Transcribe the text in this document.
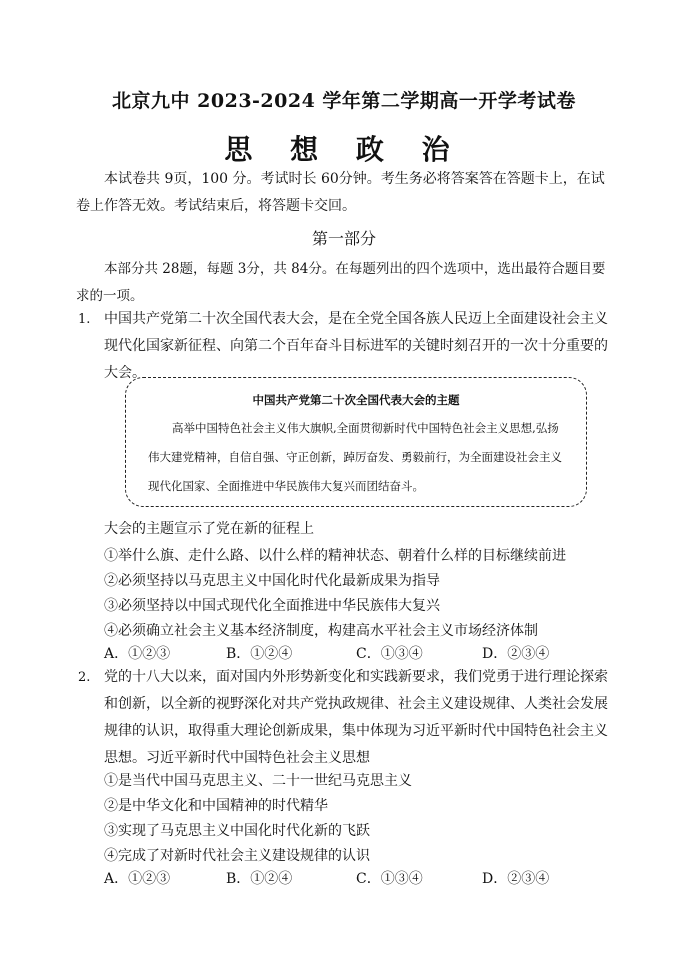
北京九中 2023-2024 学年第二学期高一开学考试卷
思 想 政 治
本试卷共 9页，100 分。考试时长 60分钟。考生务必将答案答在答题卡上，在试卷上作答无效。考试结束后，将答题卡交回。
第一部分
本部分共 28题，每题 3分，共 84分。在每题列出的四个选项中，选出最符合题目要求的一项。
1. 中国共产党第二十次全国代表大会，是在全党全国各族人民迈上全面建设社会主义现代化国家新征程、向第二个百年奋斗目标进军的关键时刻召开的一次十分重要的大会。
中国共产党第二十次全国代表大会的主题
高举中国特色社会主义伟大旗帜,全面贯彻新时代中国特色社会主义思想,弘扬伟大建党精神，自信自强、守正创新，踔厉奋发、勇毅前行，为全面建设社会主义现代化国家、全面推进中华民族伟大复兴而团结奋斗。
大会的主题宣示了党在新的征程上
①举什么旗、走什么路、以什么样的精神状态、朝着什么样的目标继续前进
②必须坚持以马克思主义中国化时代化最新成果为指导
③必须坚持以中国式现代化全面推进中华民族伟大复兴
④必须确立社会主义基本经济制度，构建高水平社会主义市场经济体制
A．①②③	B．①②④	C．①③④	D．②③④
2. 党的十八大以来，面对国内外形势新变化和实践新要求，我们党勇于进行理论探索和创新，以全新的视野深化对共产党执政规律、社会主义建设规律、人类社会发展规律的认识，取得重大理论创新成果，集中体现为习近平新时代中国特色社会主义思想。习近平新时代中国特色社会主义思想
①是当代中国马克思主义、二十一世纪马克思主义
②是中华文化和中国精神的时代精华
③实现了马克思主义中国化时代化新的飞跃
④完成了对新时代社会主义建设规律的认识
A．①②③	B．①②④	C．①③④	D．②③④
